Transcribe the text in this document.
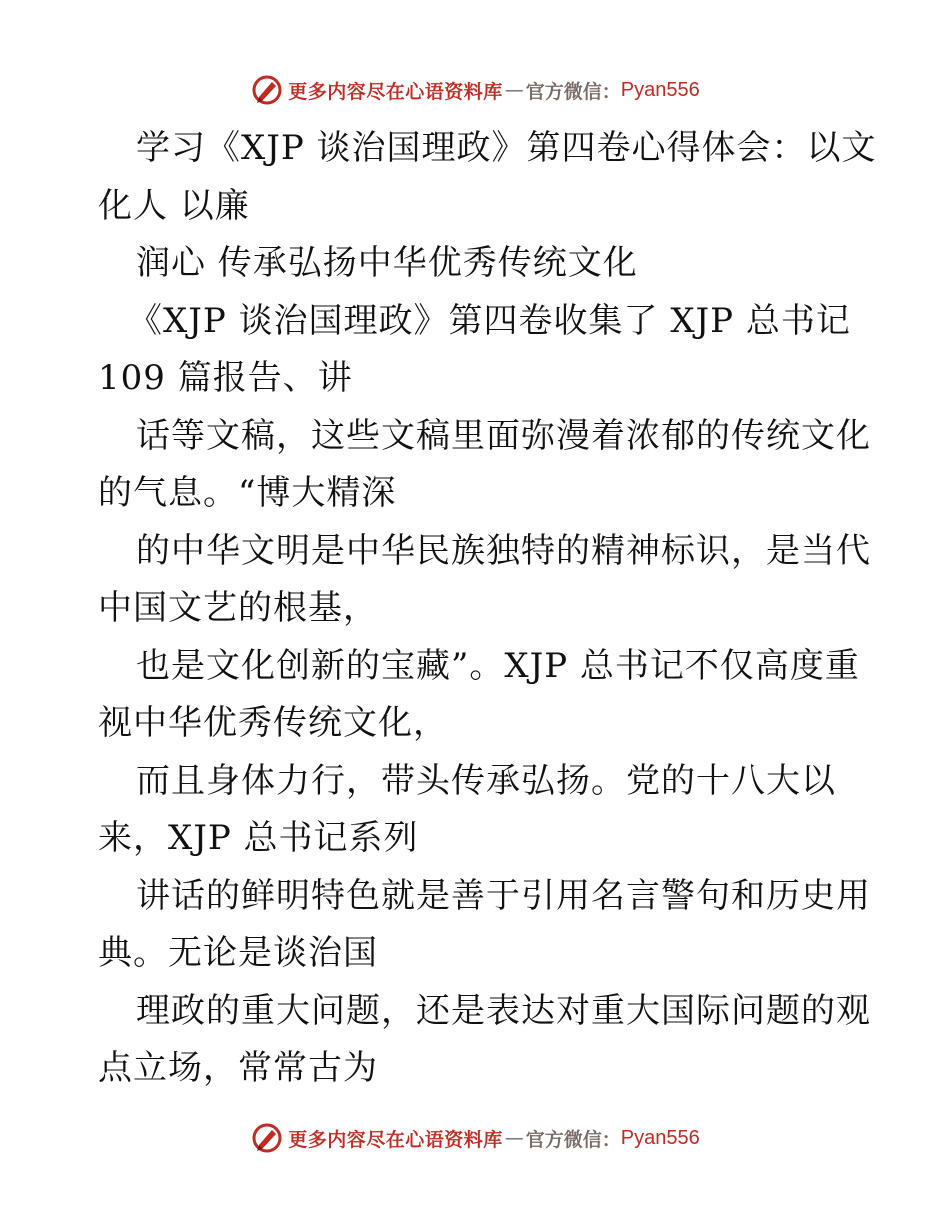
更多内容尽在心语资料库 — 官方微信： Pyan556
学习《XJP 谈治国理政》第四卷心得体会：以文
化人 以廉
润心 传承弘扬中华优秀传统文化
《XJP 谈治国理政》第四卷收集了 XJP 总书记
109 篇报告、讲
话等文稿，这些文稿里面弥漫着浓郁的传统文化
的气息。“博大精深
的中华文明是中华民族独特的精神标识，是当代
中国文艺的根基，
也是文化创新的宝藏”。XJP 总书记不仅高度重
视中华优秀传统文化，
而且身体力行，带头传承弘扬。党的十八大以
来，XJP 总书记系列
讲话的鲜明特色就是善于引用名言警句和历史用
典。无论是谈治国
理政的重大问题，还是表达对重大国际问题的观
点立场，常常古为
更多内容尽在心语资料库 — 官方微信： Pyan556
